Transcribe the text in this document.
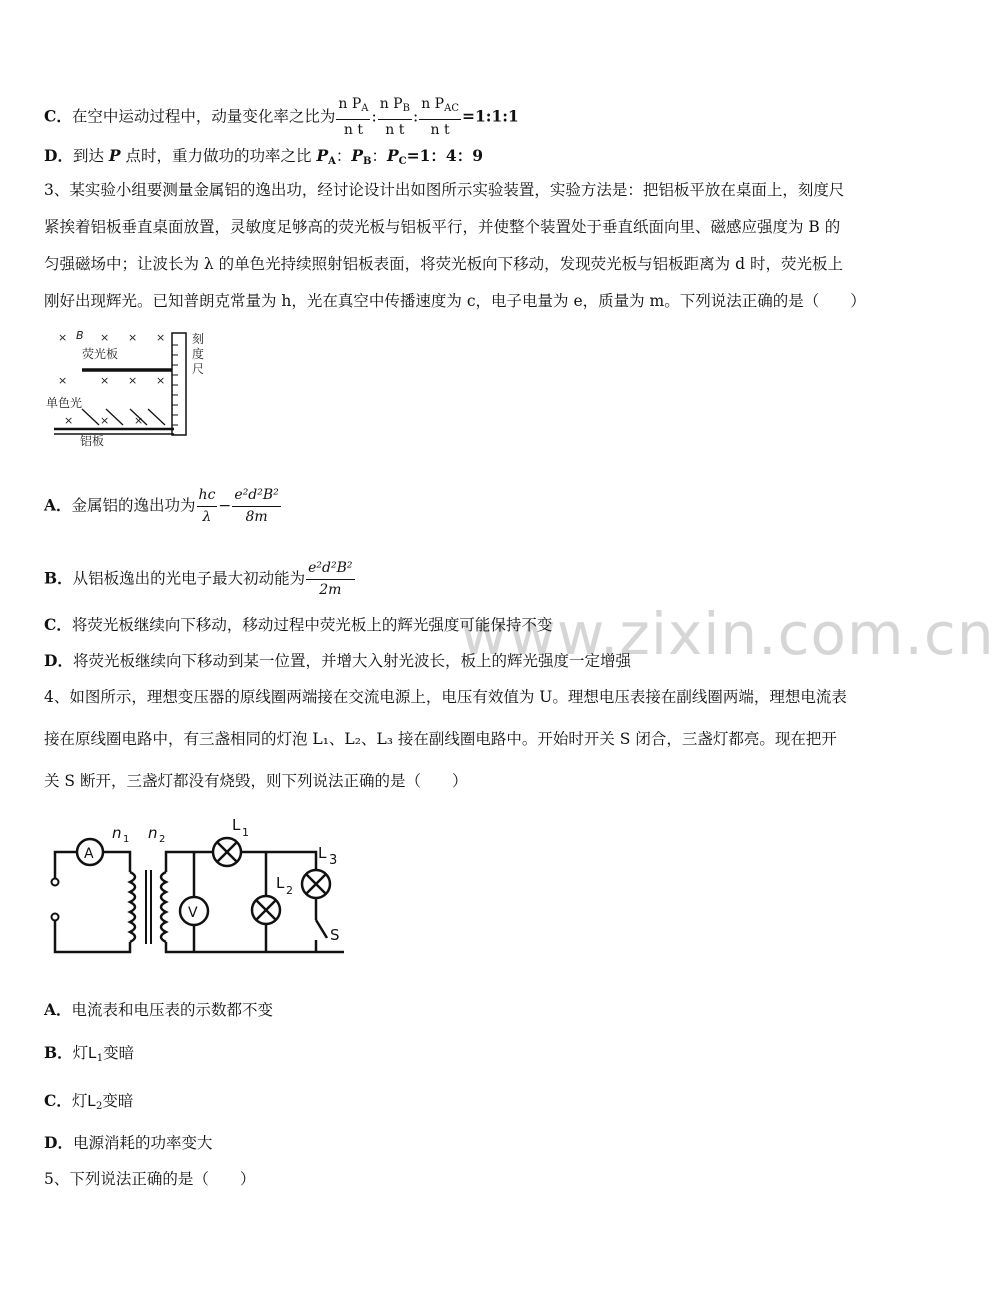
www.zixin.com.cn
C．在空中运动过程中，动量变化率之比为 $\frac{n P_A}{\text{n t}}$ : $\frac{n P_B}{\text{n t}}$ : $\frac{n P_{AC}}{\text{n t}}$ =1:1:1
D．到达 P 点时，重力做功的功率之比 $P_A$：$P_B$：$P_C=1$：4：9
3、某实验小组要测量金属铝的逸出功，经讨论设计出如图所示实验装置，实验方法是：把铝板平放在桌面上，刻度尺
紧挨着铝板垂直桌面放置，灵敏度足够高的荧光板与铝板平行，并使整个装置处于垂直纸面向里、磁感应强度为 B 的
匀强磁场中；让波长为 λ 的单色光持续照射铝板表面，将荧光板向下移动，发现荧光板与铝板距离为 d 时，荧光板上
刚好出现辉光。已知普朗克常量为 h，光在真空中传播速度为 c，电子电量为 e，质量为 m。下列说法正确的是（　　）
× B × × ×
荧光板
×	× × ×
单色光
× × ×
铝板
刻
度
尺
A．金属铝的逸出功为 $\frac{hc}{\lambda} - \frac{\text{e²d²B²}}{8m}$
B．从铝板逸出的光电子最大初动能为 $\frac{\text{e²d²B²}}{2m}$
C．将荧光板继续向下移动，移动过程中荧光板上的辉光强度可能保持不变
D．将荧光板继续向下移动到某一位置，并增大入射光波长，板上的辉光强度一定增强
4、如图所示，理想变压器的原线圈两端接在交流电源上，电压有效值为 U。理想电压表接在副线圈两端，理想电流表
接在原线圈电路中，有三盏相同的灯泡 L₁、L₂、L₃ 接在副线圈电路中。开始时开关 S 闭合，三盏灯都亮。现在把开
关 S 断开，三盏灯都没有烧毁，则下列说法正确的是（　　）
A
V
n 1 n 2
L 1
L 2
L 3
S
A．电流表和电压表的示数都不变
B．灯$L_1$变暗
C．灯$L_2$变暗
D．电源消耗的功率变大
5、下列说法正确的是（　　）
